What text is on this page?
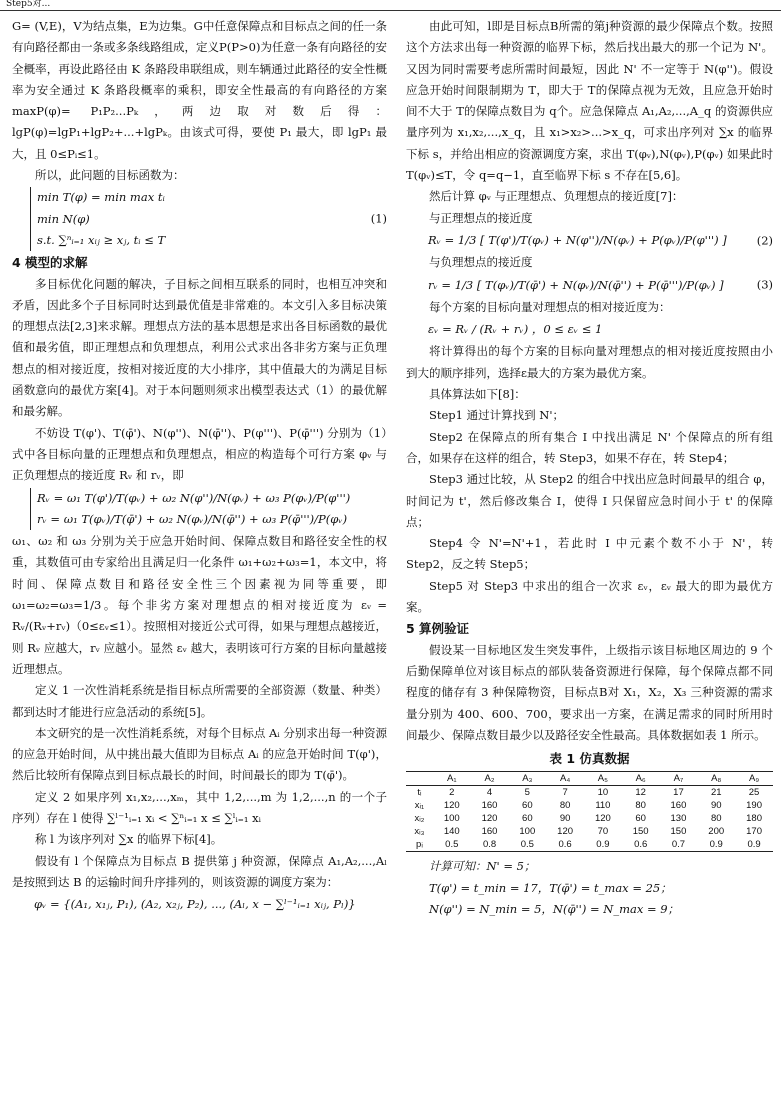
Step5对...

G= (V,E)，V为结点集，E为边集。G中任意保障点和目标点之间的任一条有向路径都由一条或多条线路组成，定义P(P>0)为任意一条有向路径的安全概率，再设此路径由 K 条路段串联组成，则车辆通过此路径的安全性概率为安全通过 K 条路段概率的乘积，即安全性最高的有向路径的方案 maxP(φ)= P₁P₂...Pₖ，两边取对数后得：lgP(φ)=lgP₁+lgP₂+...+lgPₖ。由该式可得，要使 P₁ 最大，即 lgP₁ 最大，且 0≤Pᵢ≤1。

所以，此问题的目标函数为：

min T(φ) = min max tᵢ
min N(φ)
s.t. ∑ⁿᵢ₌₁ xᵢⱼ ≥ xⱼ, tᵢ ≤ T
(1)
4 模型的求解

多目标优化问题的解决，子目标之间相互联系的同时，也相互冲突和矛盾，因此多个子目标同时达到最优值是非常难的。本文引入多目标决策的理想点法[2,3]来求解。理想点方法的基本思想是求出各目标函数的最优值和最劣值，即正理想点和负理想点，利用公式求出各非劣方案与正负理想点的相对接近度，按相对接近度的大小排序，其中值最大的为满足目标函数意向的最优方案[4]。对于本问题则须求出模型表达式（1）的最优解和最劣解。

不妨设 T(φ')、T(φ̄')、N(φ'')、N(φ̄'')、P(φ''')、P(φ̄''') 分别为（1）式中各目标向量的正理想点和负理想点，相应的构造每个可行方案 φᵥ 与正负理想点的接近度 Rᵥ 和 rᵥ，即

Rᵥ = ω₁ T(φ')/T(φᵥ) + ω₂ N(φ'')/N(φᵥ) + ω₃ P(φᵥ)/P(φ''')
rᵥ = ω₁ T(φᵥ)/T(φ̄') + ω₂ N(φᵥ)/N(φ̄'') + ω₃ P(φ̄''')/P(φᵥ)

ω₁、ω₂ 和 ω₃ 分别为关于应急开始时间、保障点数目和路径安全性的权重，其数值可由专家给出且满足归一化条件 ω₁+ω₂+ω₃=1，本文中，将时间、保障点数目和路径安全性三个因素视为同等重要，即 ω₁=ω₂=ω₃=1/3。每个非劣方案对理想点的相对接近度为 εᵥ = Rᵥ/(Rᵥ+rᵥ)（0≤εᵥ≤1）。按照相对接近公式可得，如果与理想点越接近，则 Rᵥ 应越大，rᵥ 应越小。显然 εᵥ 越大，表明该可行方案的目标向量越接近理想点。

定义 1 一次性消耗系统是指目标点所需要的全部资源（数量、种类）都到达时才能进行应急活动的系统[5]。

本文研究的是一次性消耗系统，对每个目标点 Aᵢ 分别求出每一种资源的应急开始时间，从中挑出最大值即为目标点 Aᵢ 的应急开始时间 T(φ')，然后比较所有保障点到目标点最长的时间，时间最长的即为 T(φ̄')。

定义 2 如果序列 x₁,x₂,...,xₘ，其中 1,2,...,m 为 1,2,...,n 的一个子序列）存在 l 使得 ∑ˡ⁻¹ᵢ₌₁ xᵢ < ∑ⁿᵢ₌₁ x ≤ ∑ˡᵢ₌₁ xᵢ

称 l 为该序列对 ∑x 的临界下标[4]。

假设有 l 个保障点为目标点 B 提供第 j 种资源，保障点 A₁,A₂,...,Aₗ 是按照到达 B 的运输时间升序排列的，则该资源的调度方案为：

φᵥ = {(A₁, x₁ⱼ, P₁), (A₂, x₂ⱼ, P₂), ..., (Aₗ, x − ∑ˡ⁻¹ᵢ₌₁ xᵢⱼ, Pₗ)}

由此可知，l即是目标点B所需的第j种资源的最少保障点个数。按照这个方法求出每一种资源的临界下标，然后找出最大的那一个记为 N'。又因为同时需要考虑所需时间最短，因此 N' 不一定等于 N(φ'')。假设应急开始时间限制期为 T，即大于 T的保障点视为无效，且应急开始时间不大于 T的保障点数目为 q个。应急保障点 A₁,A₂,...,A_q 的资源供应量序列为 x₁,x₂,...,x_q，且 x₁>x₂>...>x_q，可求出序列对 ∑x 的临界下标 s，并给出相应的资源调度方案，求出 T(φᵥ),N(φᵥ),P(φᵥ) 如果此时 T(φᵥ)≤T，令 q=q−1，直至临界下标 s 不存在[5,6]。

然后计算 φᵥ 与正理想点、负理想点的接近度[7]：

与正理想点的接近度

Rᵥ = 1/3 [ T(φ')/T(φᵥ) + N(φ'')/N(φᵥ) + P(φᵥ)/P(φ''') ]	(2)

与负理想点的接近度

rᵥ = 1/3 [ T(φᵥ)/T(φ̄') + N(φᵥ)/N(φ̄'') + P(φ̄''')/P(φᵥ) ]	(3)

每个方案的目标向量对理想点的相对接近度为：

εᵥ = Rᵥ / (Rᵥ + rᵥ) ，0 ≤ εᵥ ≤ 1

将计算得出的每个方案的目标向量对理想点的相对接近度按照由小到大的顺序排列，选择ε最大的方案为最优方案。

具体算法如下[8]：

Step1 通过计算找到 N'；

Step2 在保障点的所有集合 I 中找出满足 N' 个保障点的所有组合，如果存在这样的组合，转 Step3，如果不存在，转 Step4；

Step3 通过比较，从 Step2 的组合中找出应急时间最早的组合 φ，时间记为 t'，然后修改集合 I，使得 I 只保留应急时间小于 t' 的保障点；

Step4 令 N'=N'+1，若此时 I 中元素个数不小于 N'，转 Step2，反之转 Step5；

Step5 对 Step3 中求出的组合一次求 εᵥ，εᵥ 最大的即为最优方案。

5 算例验证

假设某一目标地区发生突发事件，上级指示该目标地区周边的 9 个后勤保障单位对该目标点的部队装备资源进行保障，每个保障点都不同程度的储存有 3 种保障物资，目标点B对 X₁，X₂，X₃ 三种资源的需求量分别为 400、600、700，要求出一方案，在满足需求的同时所用时间最少、保障点数目最少以及路径安全性最高。具体数据如表 1 所示。

表 1 仿真数据
	A₁	A₂	A₃	A₄	A₅	A₆	A₇	A₈	A₉
tᵢ	2	4	5	7	10	12	17	21	25
xᵢ₁	120	160	60	80	110	80	160	90	190
xᵢ₂	100	120	60	90	120	60	130	80	180
xᵢ₃	140	160	100	120	70	150	150	200	170
pᵢ	0.5	0.8	0.5	0.6	0.9	0.6	0.7	0.9	0.9

计算可知：N' = 5；

T(φ') = t_min = 17，T(φ̄') = t_max = 25；

N(φ'') = N_min = 5，N(φ̄'') = N_max = 9；
